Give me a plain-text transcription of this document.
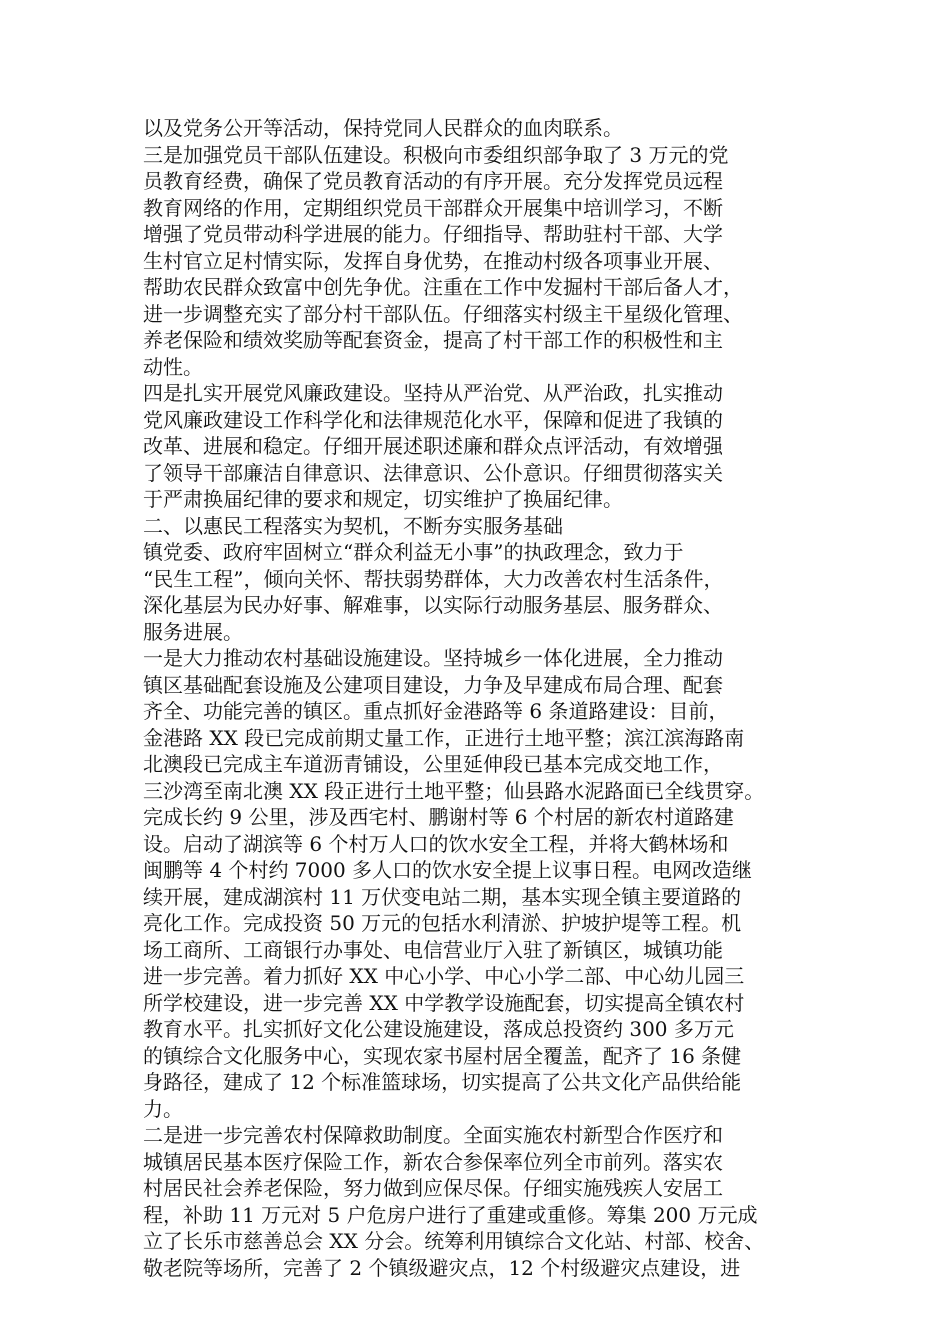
以及党务公开等活动，保持党同人民群众的血肉联系。
三是加强党员干部队伍建设。积极向市委组织部争取了 3 万元的党
员教育经费，确保了党员教育活动的有序开展。充分发挥党员远程
教育网络的作用，定期组织党员干部群众开展集中培训学习，不断
增强了党员带动科学进展的能力。仔细指导、帮助驻村干部、大学
生村官立足村情实际，发挥自身优势，在推动村级各项事业开展、
帮助农民群众致富中创先争优。注重在工作中发掘村干部后备人才，
进一步调整充实了部分村干部队伍。仔细落实村级主干星级化管理、
养老保险和绩效奖励等配套资金，提高了村干部工作的积极性和主
动性。
四是扎实开展党风廉政建设。坚持从严治党、从严治政，扎实推动
党风廉政建设工作科学化和法律规范化水平，保障和促进了我镇的
改革、进展和稳定。仔细开展述职述廉和群众点评活动，有效增强
了领导干部廉洁自律意识、法律意识、公仆意识。仔细贯彻落实关
于严肃换届纪律的要求和规定，切实维护了换届纪律。
二、以惠民工程落实为契机，不断夯实服务基础
镇党委、政府牢固树立“群众利益无小事”的执政理念，致力于
“民生工程”，倾向关怀、帮扶弱势群体，大力改善农村生活条件，
深化基层为民办好事、解难事，以实际行动服务基层、服务群众、
服务进展。
一是大力推动农村基础设施建设。坚持城乡一体化进展，全力推动
镇区基础配套设施及公建项目建设，力争及早建成布局合理、配套
齐全、功能完善的镇区。重点抓好金港路等 6 条道路建设：目前，
金港路 XX 段已完成前期丈量工作，正进行土地平整；滨江滨海路南
北澳段已完成主车道沥青铺设，公里延伸段已基本完成交地工作，
三沙湾至南北澳 XX 段正进行土地平整；仙县路水泥路面已全线贯穿。
完成长约 9 公里，涉及西宅村、鹏谢村等 6 个村居的新农村道路建
设。启动了湖滨等 6 个村万人口的饮水安全工程，并将大鹤林场和
闽鹏等 4 个村约 7000 多人口的饮水安全提上议事日程。电网改造继
续开展，建成湖滨村 11 万伏变电站二期，基本实现全镇主要道路的
亮化工作。完成投资 50 万元的包括水利清淤、护坡护堤等工程。机
场工商所、工商银行办事处、电信营业厅入驻了新镇区，城镇功能
进一步完善。着力抓好 XX 中心小学、中心小学二部、中心幼儿园三
所学校建设，进一步完善 XX 中学教学设施配套，切实提高全镇农村
教育水平。扎实抓好文化公建设施建设，落成总投资约 300 多万元
的镇综合文化服务中心，实现农家书屋村居全覆盖，配齐了 16 条健
身路径，建成了 12 个标准篮球场，切实提高了公共文化产品供给能
力。
二是进一步完善农村保障救助制度。全面实施农村新型合作医疗和
城镇居民基本医疗保险工作，新农合参保率位列全市前列。落实农
村居民社会养老保险，努力做到应保尽保。仔细实施残疾人安居工
程，补助 11 万元对 5 户危房户进行了重建或重修。筹集 200 万元成
立了长乐市慈善总会 XX 分会。统筹利用镇综合文化站、村部、校舍、
敬老院等场所，完善了 2 个镇级避灾点，12 个村级避灾点建设，进
